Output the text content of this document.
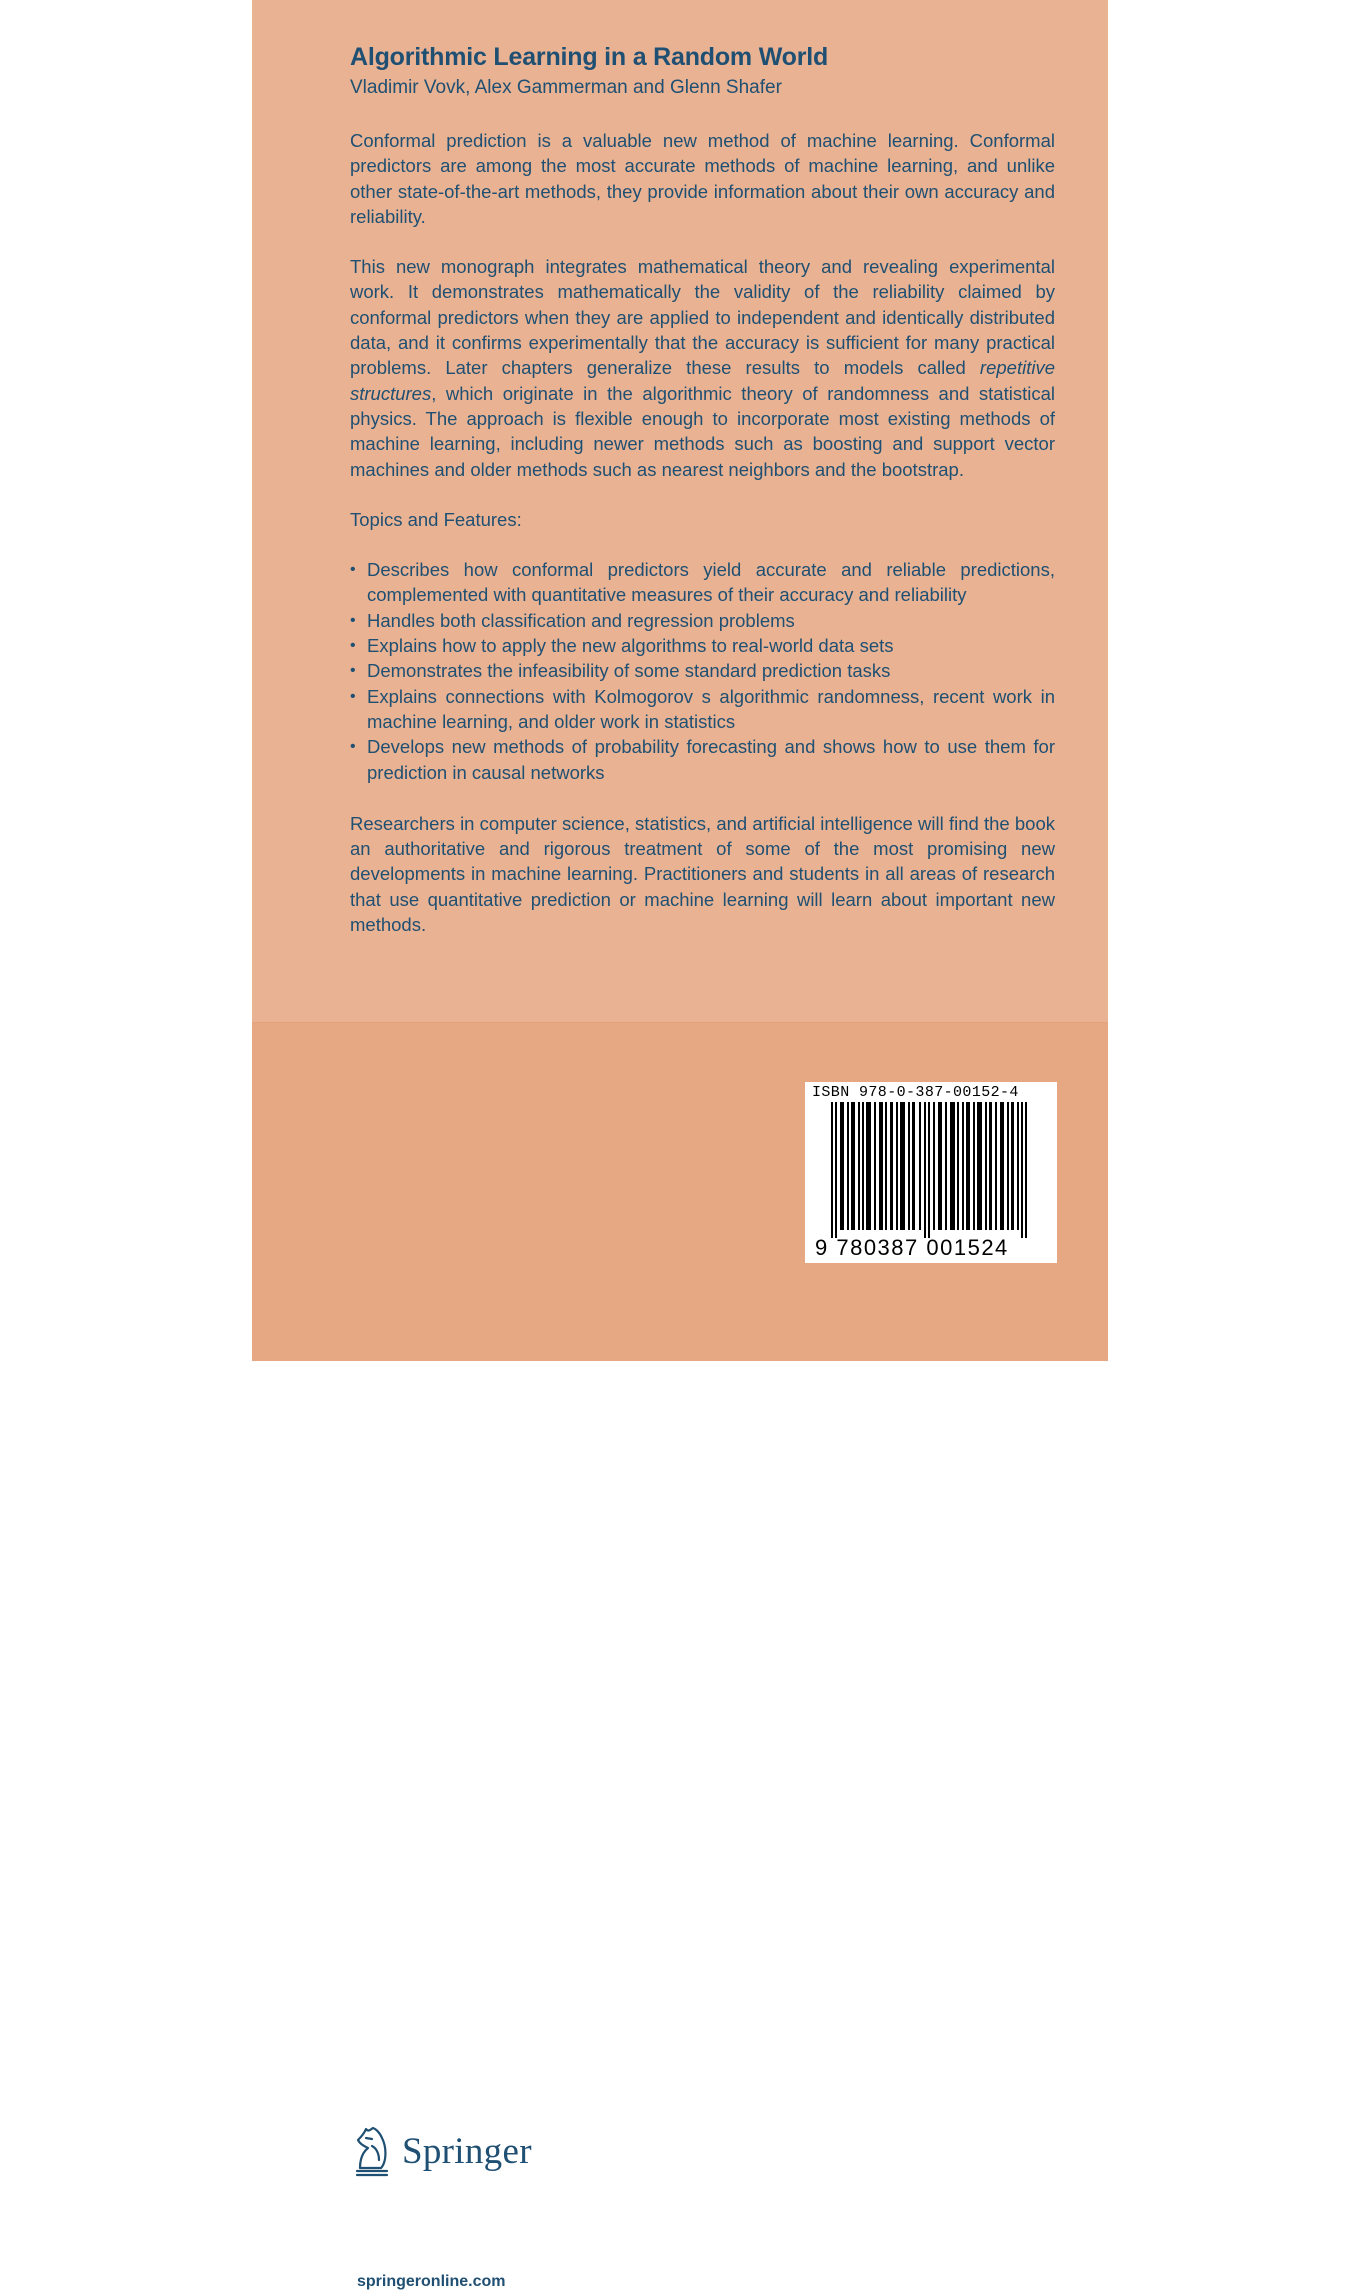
Algorithmic Learning in a Random World

Vladimir Vovk, Alex Gammerman and Glenn Shafer

Conformal prediction is a valuable new method of machine learning. Conformal predictors are among the most accurate methods of machine learning, and unlike other state-of-the-art methods, they provide information about their own accuracy and reliability.

This new monograph integrates mathematical theory and revealing experimental work. It demonstrates mathematically the validity of the reliability claimed by conformal predictors when they are applied to independent and identically distributed data, and it confirms experimentally that the accuracy is sufficient for many practical problems. Later chapters generalize these results to models called repetitive structures, which originate in the algorithmic theory of randomness and statistical physics. The approach is flexible enough to incorporate most existing methods of machine learning, including newer methods such as boosting and support vector machines and older methods such as nearest neighbors and the bootstrap.

Topics and Features:

• Describes how conformal predictors yield accurate and reliable predictions, complemented with quantitative measures of their accuracy and reliability
• Handles both classification and regression problems
• Explains how to apply the new algorithms to real-world data sets
• Demonstrates the infeasibility of some standard prediction tasks
• Explains connections with Kolmogorov s algorithmic randomness, recent work in machine learning, and older work in statistics
• Develops new methods of probability forecasting and shows how to use them for prediction in causal networks

Researchers in computer science, statistics, and artificial intelligence will find the book an authoritative and rigorous treatment of some of the most promising new developments in machine learning. Practitioners and students in all areas of research that use quantitative prediction or machine learning will learn about important new methods.

Springer
springeronline.com
ISBN 978-0-387-00152-4
9 780387 001524
